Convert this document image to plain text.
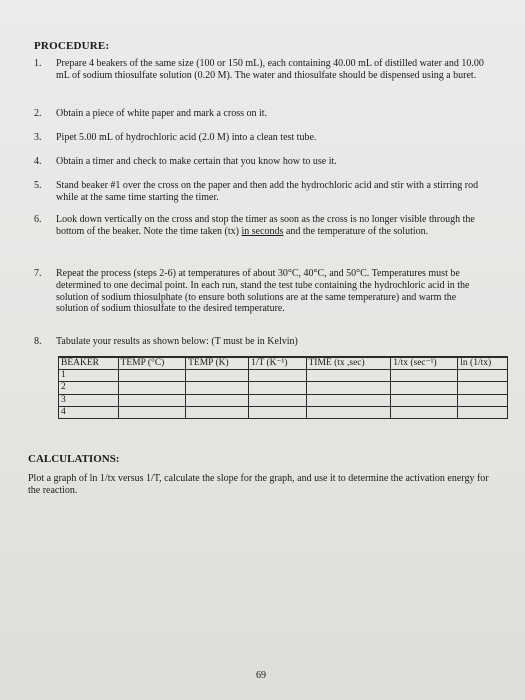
PROCEDURE:
1.	Prepare 4 beakers of the same size (100 or 150 mL), each containing 40.00 mL of distilled water and 10.00 mL of sodium thiosulfate solution (0.20 M). The water and thiosulfate should be dispensed using a buret.
2.	Obtain a piece of white paper and mark a cross on it.
3.	Pipet 5.00 mL of hydrochloric acid (2.0 M) into a clean test tube.
4.	Obtain a timer and check to make certain that you know how to use it.
5.	Stand beaker #1 over the cross on the paper and then add the hydrochloric acid and stir with a stirring rod while at the same time starting the timer.
6.	Look down vertically on the cross and stop the timer as soon as the cross is no longer visible through the bottom of the beaker. Note the time taken (tx) in seconds and the temperature of the solution.
7.	Repeat the process (steps 2-6) at temperatures of about 30°C, 40°C, and 50°C. Temperatures must be determined to one decimal point. In each run, stand the test tube containing the hydrochloric acid in the solution of sodium thiosulphate (to ensure both solutions are at the same temperature) and warm the solution of sodium thiosulfate to the desired temperature.
8.	Tabulate your results as shown below: (T must be in Kelvin)
BEAKER	TEMP (°C)	TEMP (K)	1/T (K⁻¹)	TIME (tx ,sec)	1/tx (sec⁻¹)	ln (1/tx)
1						
2						
3						
4						
CALCULATIONS:
Plot a graph of ln 1/tx versus 1/T, calculate the slope for the graph, and use it to determine the activation energy for the reaction.
69
